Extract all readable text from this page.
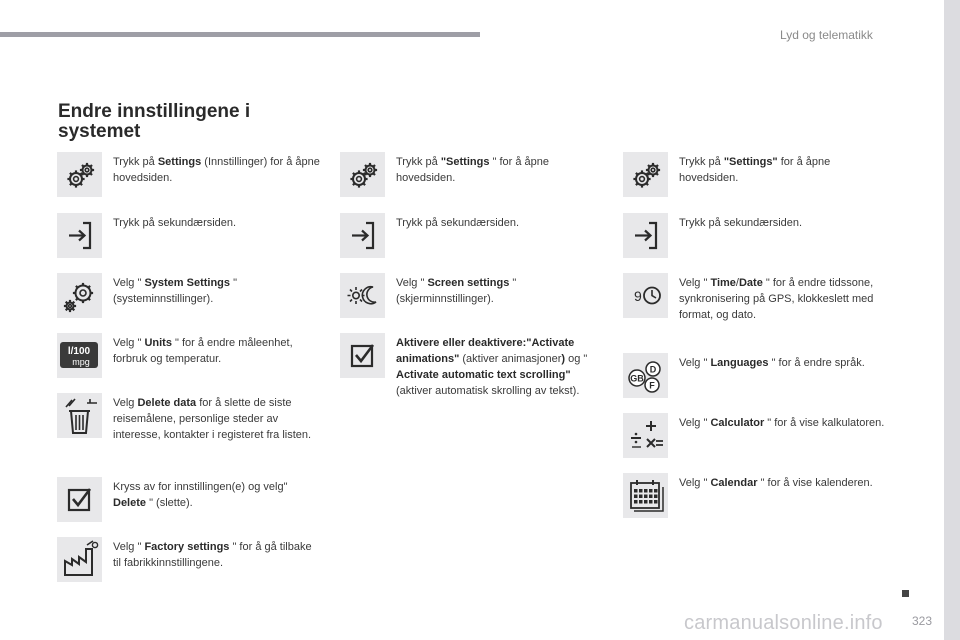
Lyd og telematikk
Endre innstillingene i systemet
Trykk på Settings (Innstillinger) for å åpne hovedsiden.
Trykk på sekundærsiden.
Velg " System Settings " (systeminnstillinger).
l/100
mpg
Velg " Units " for å endre måleenhet, forbruk og temperatur.
Velg Delete data for å slette de siste reisemålene, personlige steder av interesse, kontakter i registeret fra listen.
Kryss av for innstillingen(e) og velg" Delete " (slette).
Velg " Factory settings " for å gå tilbake til fabrikkinnstillingene.
Trykk på "Settings " for å åpne hovedsiden.
Trykk på sekundærsiden.
Velg " Screen settings " (skjerminnstillinger).
Aktivere eller deaktivere:"Activate animations" (aktiver animasjoner) og " Activate automatic text scrolling" (aktiver automatisk skrolling av tekst).
Trykk på "Settings" for å åpne hovedsiden.
Trykk på sekundærsiden.
9
Velg " Time/Date " for å endre tidssone, synkronisering på GPS, klokkeslett med format, og dato.
D
GB
F
Velg " Languages " for å endre språk.
Velg " Calculator " for å vise kalkulatoren.
Velg " Calendar " for å vise kalenderen.
carmanualsonline.info 323
